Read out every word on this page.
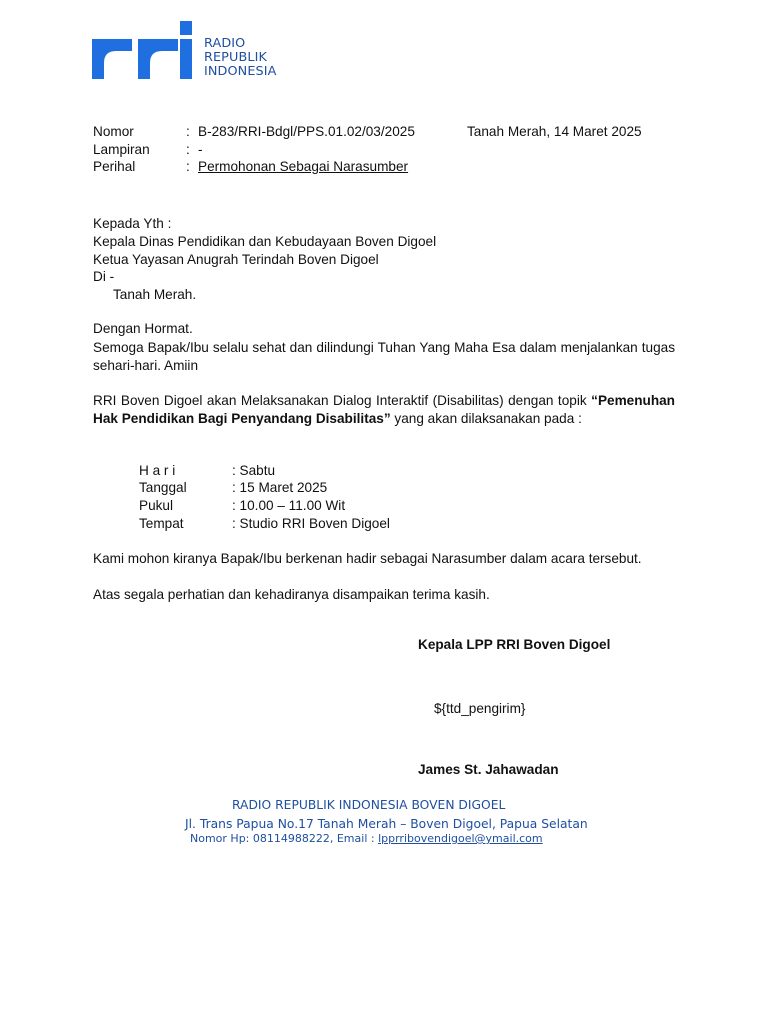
RADIO
REPUBLIK
INDONESIA
Nomor	: B-283/RRI-Bdgl/PPS.01.02/03/2025	Tanah Merah, 14 Maret 2025
Lampiran	: -
Perihal	: Permohonan Sebagai Narasumber
Kepada Yth :
Kepala Dinas Pendidikan dan Kebudayaan Boven Digoel
Ketua Yayasan Anugrah Terindah Boven Digoel
Di -
Tanah Merah.
Dengan Hormat.
Semoga Bapak/Ibu selalu sehat dan dilindungi Tuhan Yang Maha Esa dalam menjalankan tugas sehari-hari. Amiin
RRI Boven Digoel akan Melaksanakan Dialog Interaktif (Disabilitas) dengan topik “Pemenuhan Hak Pendidikan Bagi Penyandang Disabilitas” yang akan dilaksanakan pada :
H a r i	: Sabtu
Tanggal	: 15 Maret 2025
Pukul	: 10.00 – 11.00 Wit
Tempat	: Studio RRI Boven Digoel
Kami mohon kiranya Bapak/Ibu berkenan hadir sebagai Narasumber dalam acara tersebut.
Atas segala perhatian dan kehadiranya disampaikan terima kasih.
Kepala LPP RRI Boven Digoel
${ttd_pengirim}
James St. Jahawadan
RADIO REPUBLIK INDONESIA BOVEN DIGOEL
Jl. Trans Papua No.17 Tanah Merah – Boven Digoel, Papua Selatan
Nomor Hp: 08114988222, Email : lpprribovendigoel@ymail.com
